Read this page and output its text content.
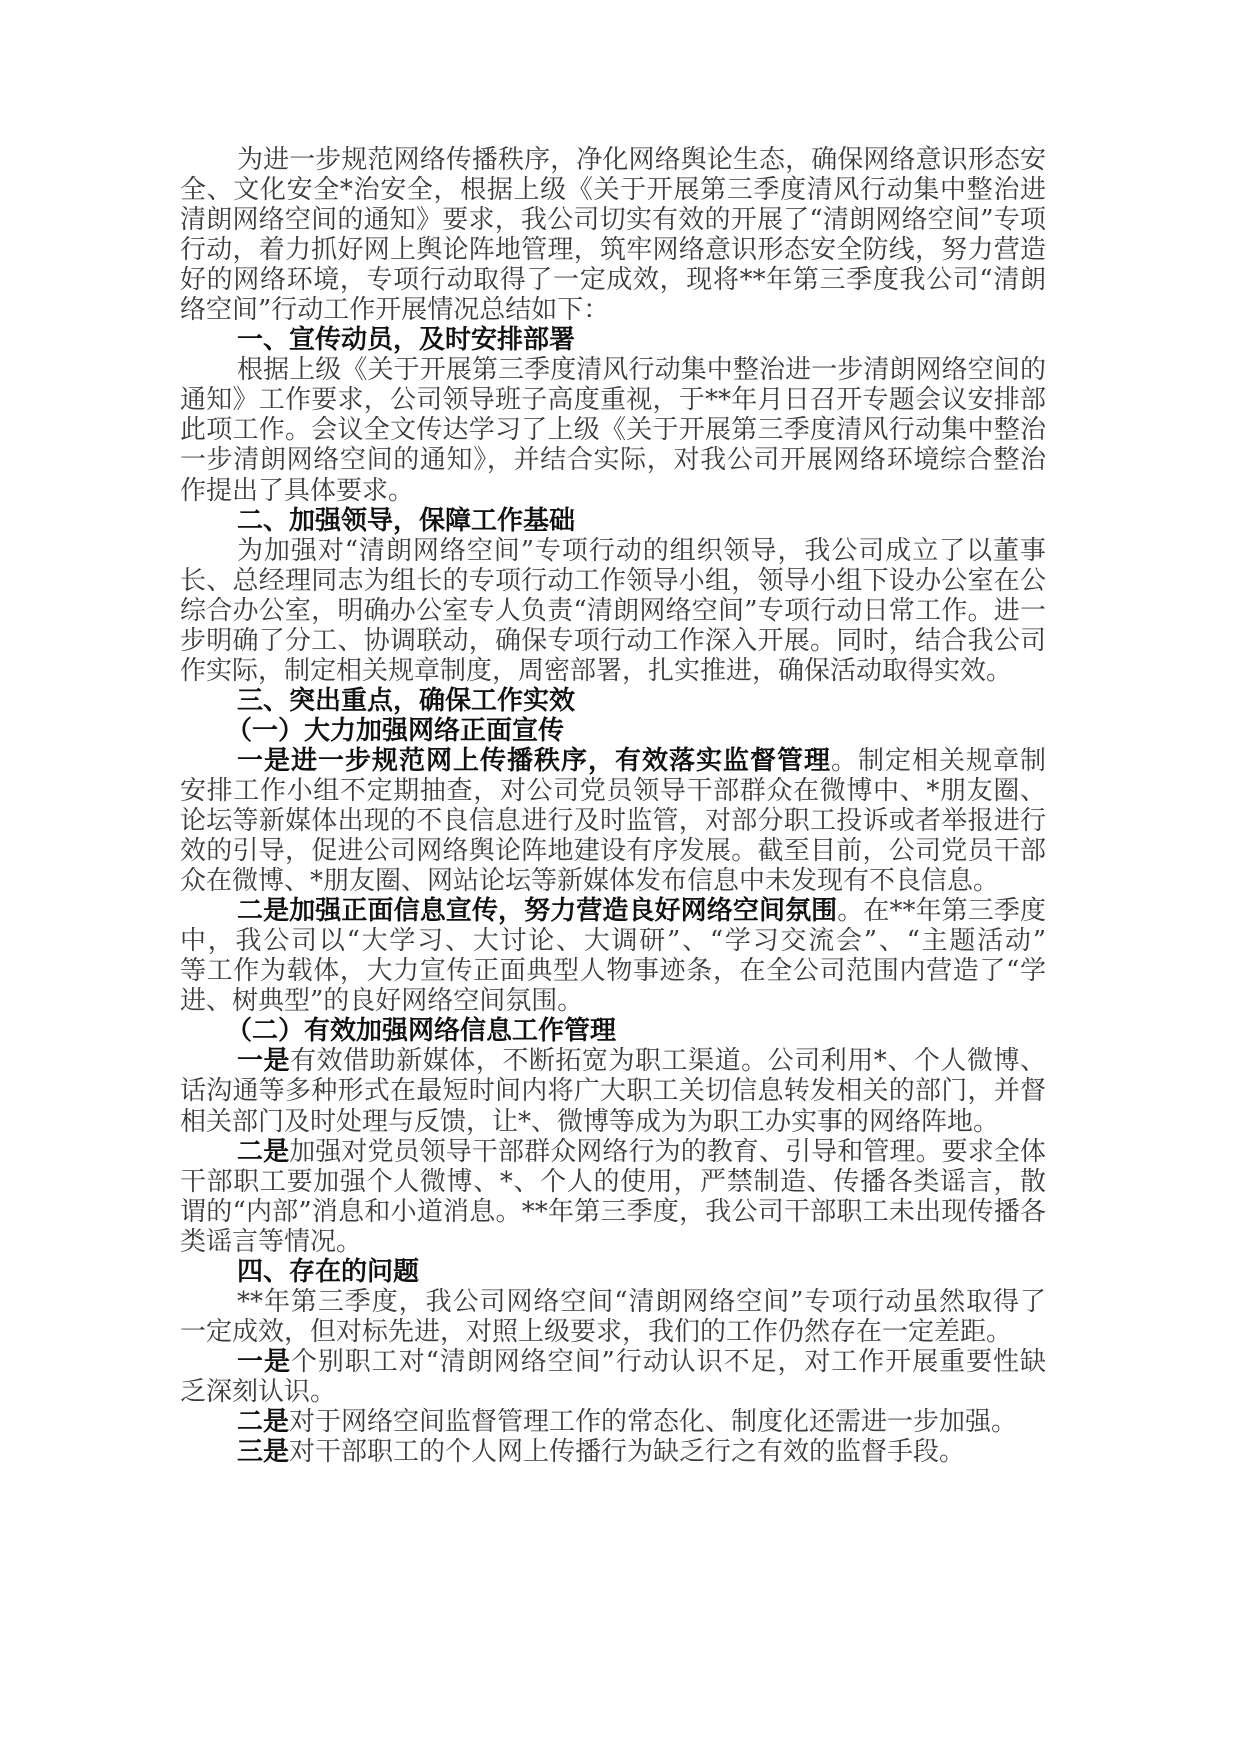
为进一步规范网络传播秩序，净化网络舆论生态，确保网络意识形态安
全、文化安全*治安全，根据上级《关于开展第三季度清风行动集中整治进
清朗网络空间的通知》要求，我公司切实有效的开展了“清朗网络空间”专项
行动，着力抓好网上舆论阵地管理，筑牢网络意识形态安全防线，努力营造
好的网络环境，专项行动取得了一定成效，现将**年第三季度我公司“清朗
络空间”行动工作开展情况总结如下：
一、宣传动员，及时安排部署
根据上级《关于开展第三季度清风行动集中整治进一步清朗网络空间的
通知》工作要求，公司领导班子高度重视，于**年月日召开专题会议安排部
此项工作。会议全文传达学习了上级《关于开展第三季度清风行动集中整治
一步清朗网络空间的通知》，并结合实际，对我公司开展网络环境综合整治
作提出了具体要求。
二、加强领导，保障工作基础
为加强对“清朗网络空间”专项行动的组织领导，我公司成立了以董事
长、总经理同志为组长的专项行动工作领导小组，领导小组下设办公室在公
综合办公室，明确办公室专人负责“清朗网络空间”专项行动日常工作。进一
步明确了分工、协调联动，确保专项行动工作深入开展。同时，结合我公司
作实际，制定相关规章制度，周密部署，扎实推进，确保活动取得实效。
三、突出重点，确保工作实效
（一）大力加强网络正面宣传
一是进一步规范网上传播秩序，有效落实监督管理。制定相关规章制
安排工作小组不定期抽查，对公司党员领导干部群众在微博中、*朋友圈、
论坛等新媒体出现的不良信息进行及时监管，对部分职工投诉或者举报进行
效的引导，促进公司网络舆论阵地建设有序发展。截至目前，公司党员干部
众在微博、*朋友圈、网站论坛等新媒体发布信息中未发现有不良信息。
二是加强正面信息宣传，努力营造良好网络空间氛围。在**年第三季度
中，我公司以“大学习、大讨论、大调研”、“学习交流会”、“主题活动”
等工作为载体，大力宣传正面典型人物事迹条，在全公司范围内营造了“学
进、树典型”的良好网络空间氛围。
（二）有效加强网络信息工作管理
一是有效借助新媒体，不断拓宽为职工渠道。公司利用*、个人微博、
话沟通等多种形式在最短时间内将广大职工关切信息转发相关的部门，并督
相关部门及时处理与反馈，让*、微博等成为为职工办实事的网络阵地。
二是加强对党员领导干部群众网络行为的教育、引导和管理。要求全体
干部职工要加强个人微博、*、个人的使用，严禁制造、传播各类谣言，散
谓的“内部”消息和小道消息。**年第三季度，我公司干部职工未出现传播各
类谣言等情况。
四、存在的问题
**年第三季度，我公司网络空间“清朗网络空间”专项行动虽然取得了
一定成效，但对标先进，对照上级要求，我们的工作仍然存在一定差距。
一是个别职工对“清朗网络空间”行动认识不足，对工作开展重要性缺
乏深刻认识。
二是对于网络空间监督管理工作的常态化、制度化还需进一步加强。
三是对干部职工的个人网上传播行为缺乏行之有效的监督手段。
